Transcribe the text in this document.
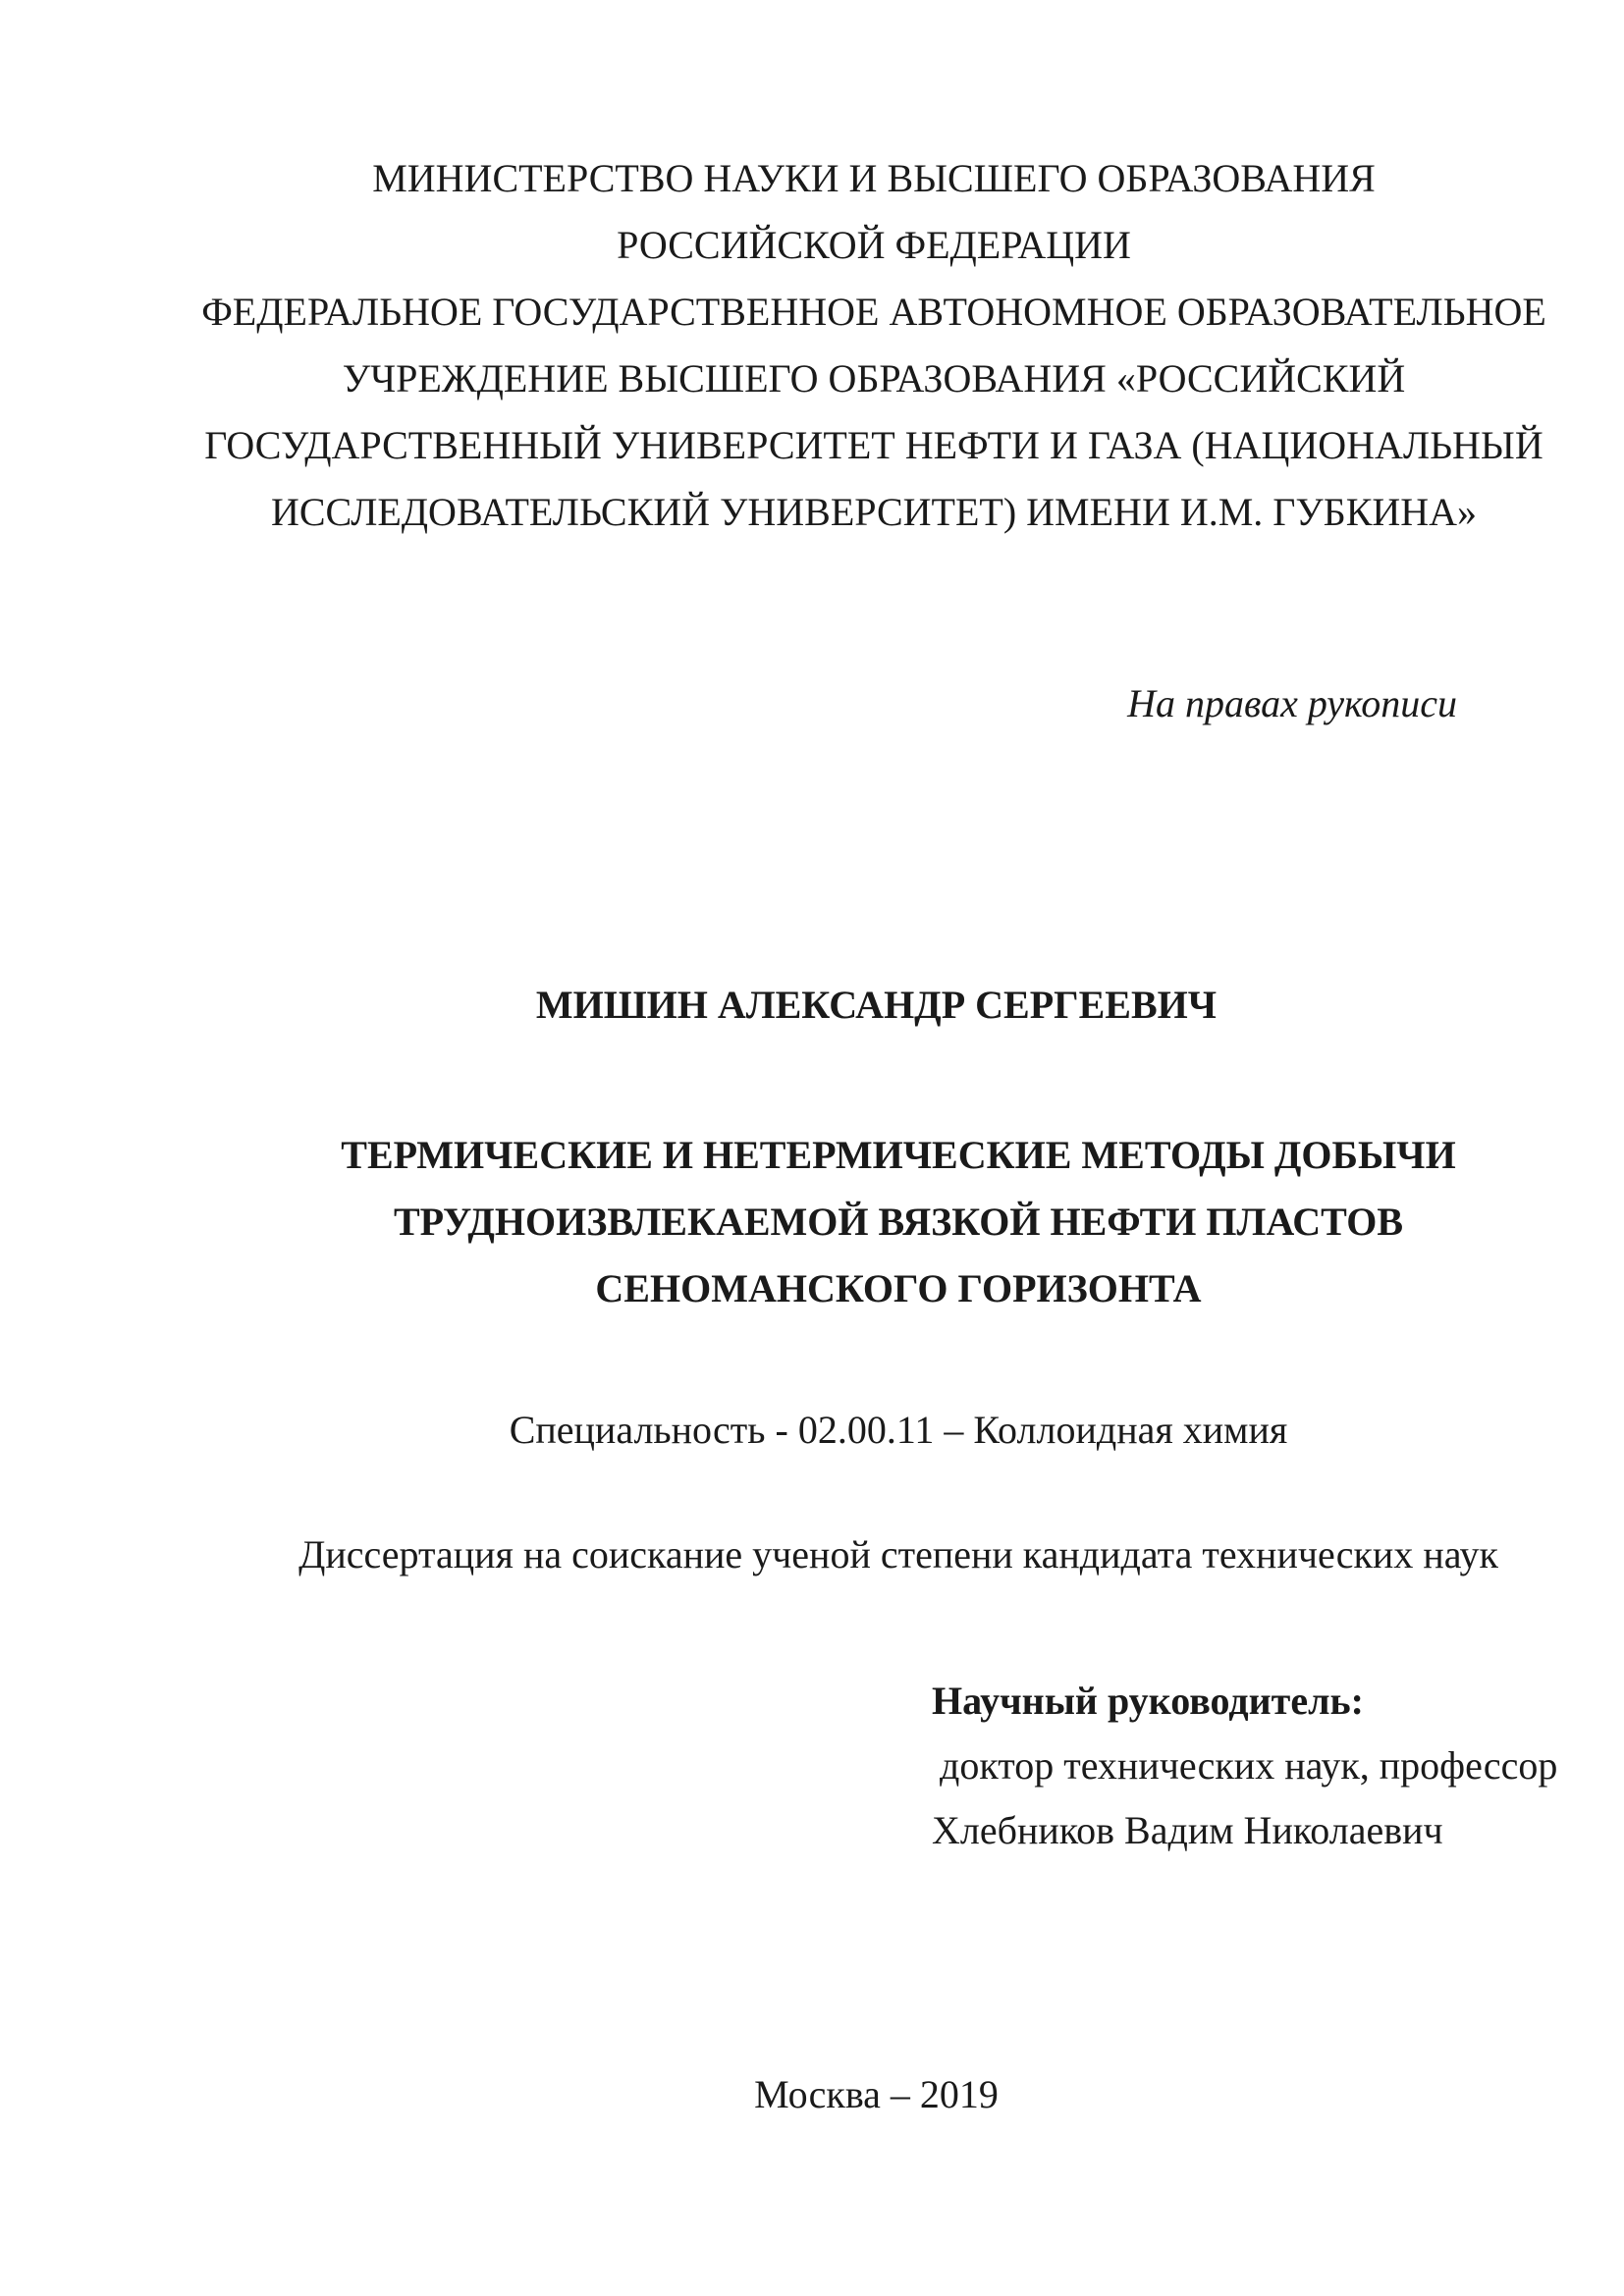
МИНИСТЕРСТВО НАУКИ И ВЫСШЕГО ОБРАЗОВАНИЯ
РОССИЙСКОЙ ФЕДЕРАЦИИ
ФЕДЕРАЛЬНОЕ ГОСУДАРСТВЕННОЕ АВТОНОМНОЕ ОБРАЗОВАТЕЛЬНОЕ
УЧРЕЖДЕНИЕ ВЫСШЕГО ОБРАЗОВАНИЯ «РОССИЙСКИЙ
ГОСУДАРСТВЕННЫЙ УНИВЕРСИТЕТ НЕФТИ И ГАЗА (НАЦИОНАЛЬНЫЙ
ИССЛЕДОВАТЕЛЬСКИЙ УНИВЕРСИТЕТ) ИМЕНИ И.М. ГУБКИНА»
На правах рукописи
МИШИН АЛЕКСАНДР СЕРГЕЕВИЧ
ТЕРМИЧЕСКИЕ И НЕТЕРМИЧЕСКИЕ МЕТОДЫ ДОБЫЧИ
ТРУДНОИЗВЛЕКАЕМОЙ ВЯЗКОЙ НЕФТИ ПЛАСТОВ
СЕНОМАНСКОГО ГОРИЗОНТА
Специальность - 02.00.11 – Коллоидная химия
Диссертация на соискание ученой степени кандидата технических наук
Научный руководитель:
доктор технических наук, профессор
Хлебников Вадим Николаевич
Москва – 2019
